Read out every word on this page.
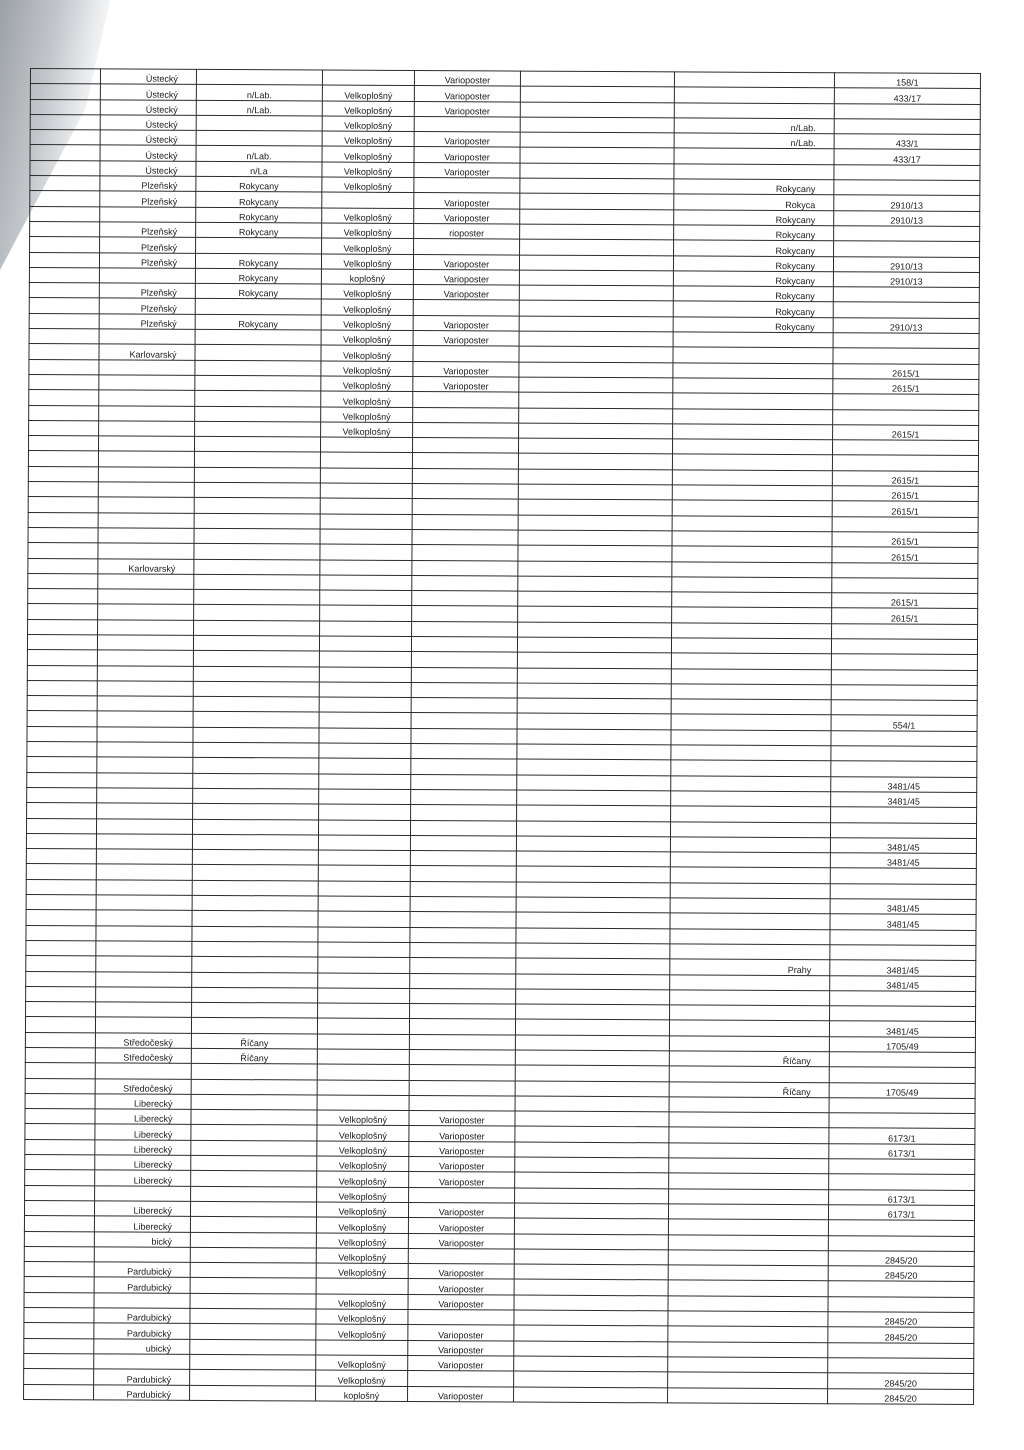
	Ústecký			Varioposter			158/1
	Ústecký	n/Lab.	Velkoplošný	Varioposter			433/17
	Ústecký	n/Lab.	Velkoplošný	Varioposter			
	Ústecký		Velkoplošný			n/Lab.	
	Ústecký		Velkoplošný	Varioposter		n/Lab.	433/1
	Ústecký	n/Lab.	Velkoplošný	Varioposter			433/17
	Ústecký	n/La	Velkoplošný	Varioposter			
	Plzeňský	Rokycany	Velkoplošný			Rokycany	
	Plzeňský	Rokycany		Varioposter		Rokyca	2910/13
		Rokycany	Velkoplošný	Varioposter		Rokycany	2910/13
	Plzeňský	Rokycany	Velkoplošný	rioposter		Rokycany	
	Plzeňský		Velkoplošný			Rokycany	
	Plzeňský	Rokycany	Velkoplošný	Varioposter		Rokycany	2910/13
		Rokycany	koplošný	Varioposter		Rokycany	2910/13
	Plzeňský	Rokycany	Velkoplošný	Varioposter		Rokycany	
	Plzeňský		Velkoplošný			Rokycany	
	Plzeňský	Rokycany	Velkoplošný	Varioposter		Rokycany	2910/13
			Velkoplošný	Varioposter			
	Karlovarský		Velkoplošný				
			Velkoplošný	Varioposter			2615/1
			Velkoplošný	Varioposter			2615/1
			Velkoplošný				
			Velkoplošný				
			Velkoplošný				2615/1

							2615/1
							2615/1
							2615/1

							2615/1
							2615/1
	Karlovarský						

							2615/1
							2615/1

							554/1

							3481/45
							3481/45

							3481/45
							3481/45

							3481/45
							3481/45

						Prahy	3481/45
							3481/45

							3481/45
	Středočeský	Říčany					1705/49
	Středočeský	Říčany				Říčany	

	Středočeský					Říčany	1705/49
	Liberecký						
	Liberecký		Velkoplošný	Varioposter			
	Liberecký		Velkoplošný	Varioposter			6173/1
	Liberecký		Velkoplošný	Varioposter			6173/1
	Liberecký		Velkoplošný	Varioposter			
	Liberecký		Velkoplošný	Varioposter			
			Velkoplošný				6173/1
	Liberecký		Velkoplošný	Varioposter			6173/1
	Liberecký		Velkoplošný	Varioposter			
	bický		Velkoplošný	Varioposter			
			Velkoplošný				2845/20
	Pardubický		Velkoplošný	Varioposter			2845/20
	Pardubický			Varioposter			
			Velkoplošný	Varioposter			
	Pardubický		Velkoplošný				2845/20
	Pardubický		Velkoplošný	Varioposter			2845/20
	ubický			Varioposter			
			Velkoplošný	Varioposter			
	Pardubický		Velkoplošný				2845/20
	Pardubický		koplošný	Varioposter			2845/20
